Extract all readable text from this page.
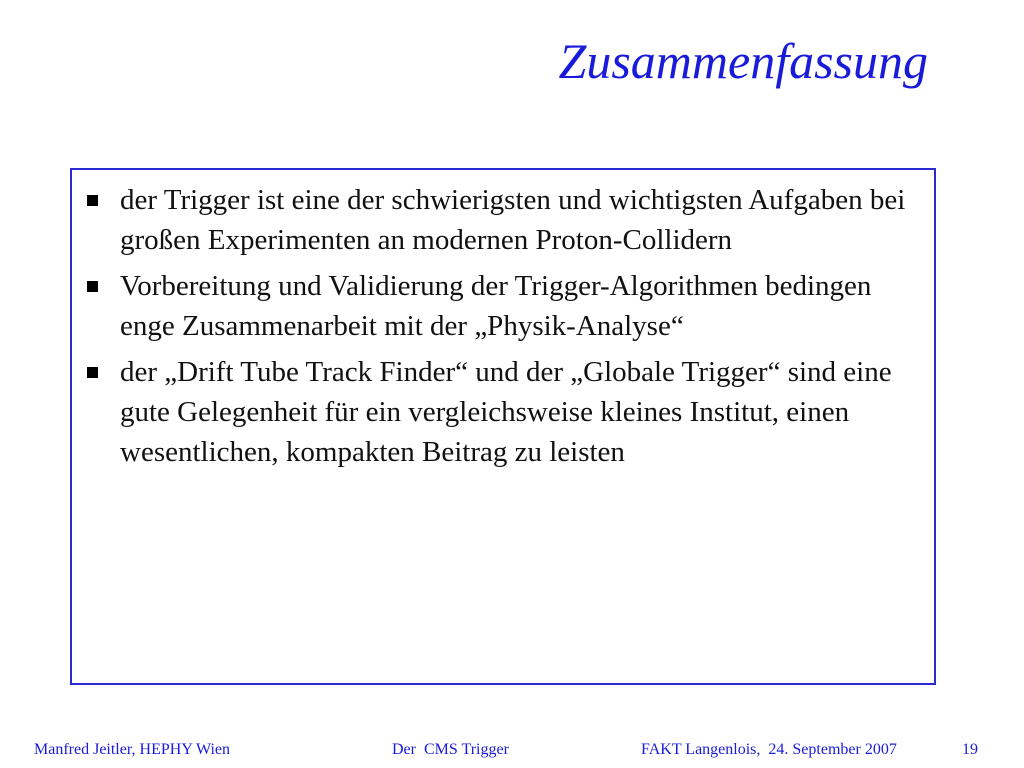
Zusammenfassung
der Trigger ist eine der schwierigsten und wichtigsten Aufgaben bei großen Experimenten an modernen Proton-Collidern
Vorbereitung und Validierung der Trigger-Algorithmen bedingen enge Zusammenarbeit mit der „Physik-Analyse“
der „Drift Tube Track Finder“ und der „Globale Trigger“ sind eine gute Gelegenheit für ein vergleichsweise kleines Institut, einen wesentlichen, kompakten Beitrag zu leisten
Manfred Jeitler, HEPHY Wien	Der  CMS Trigger	FAKT Langenlois,  24. September 2007	19
